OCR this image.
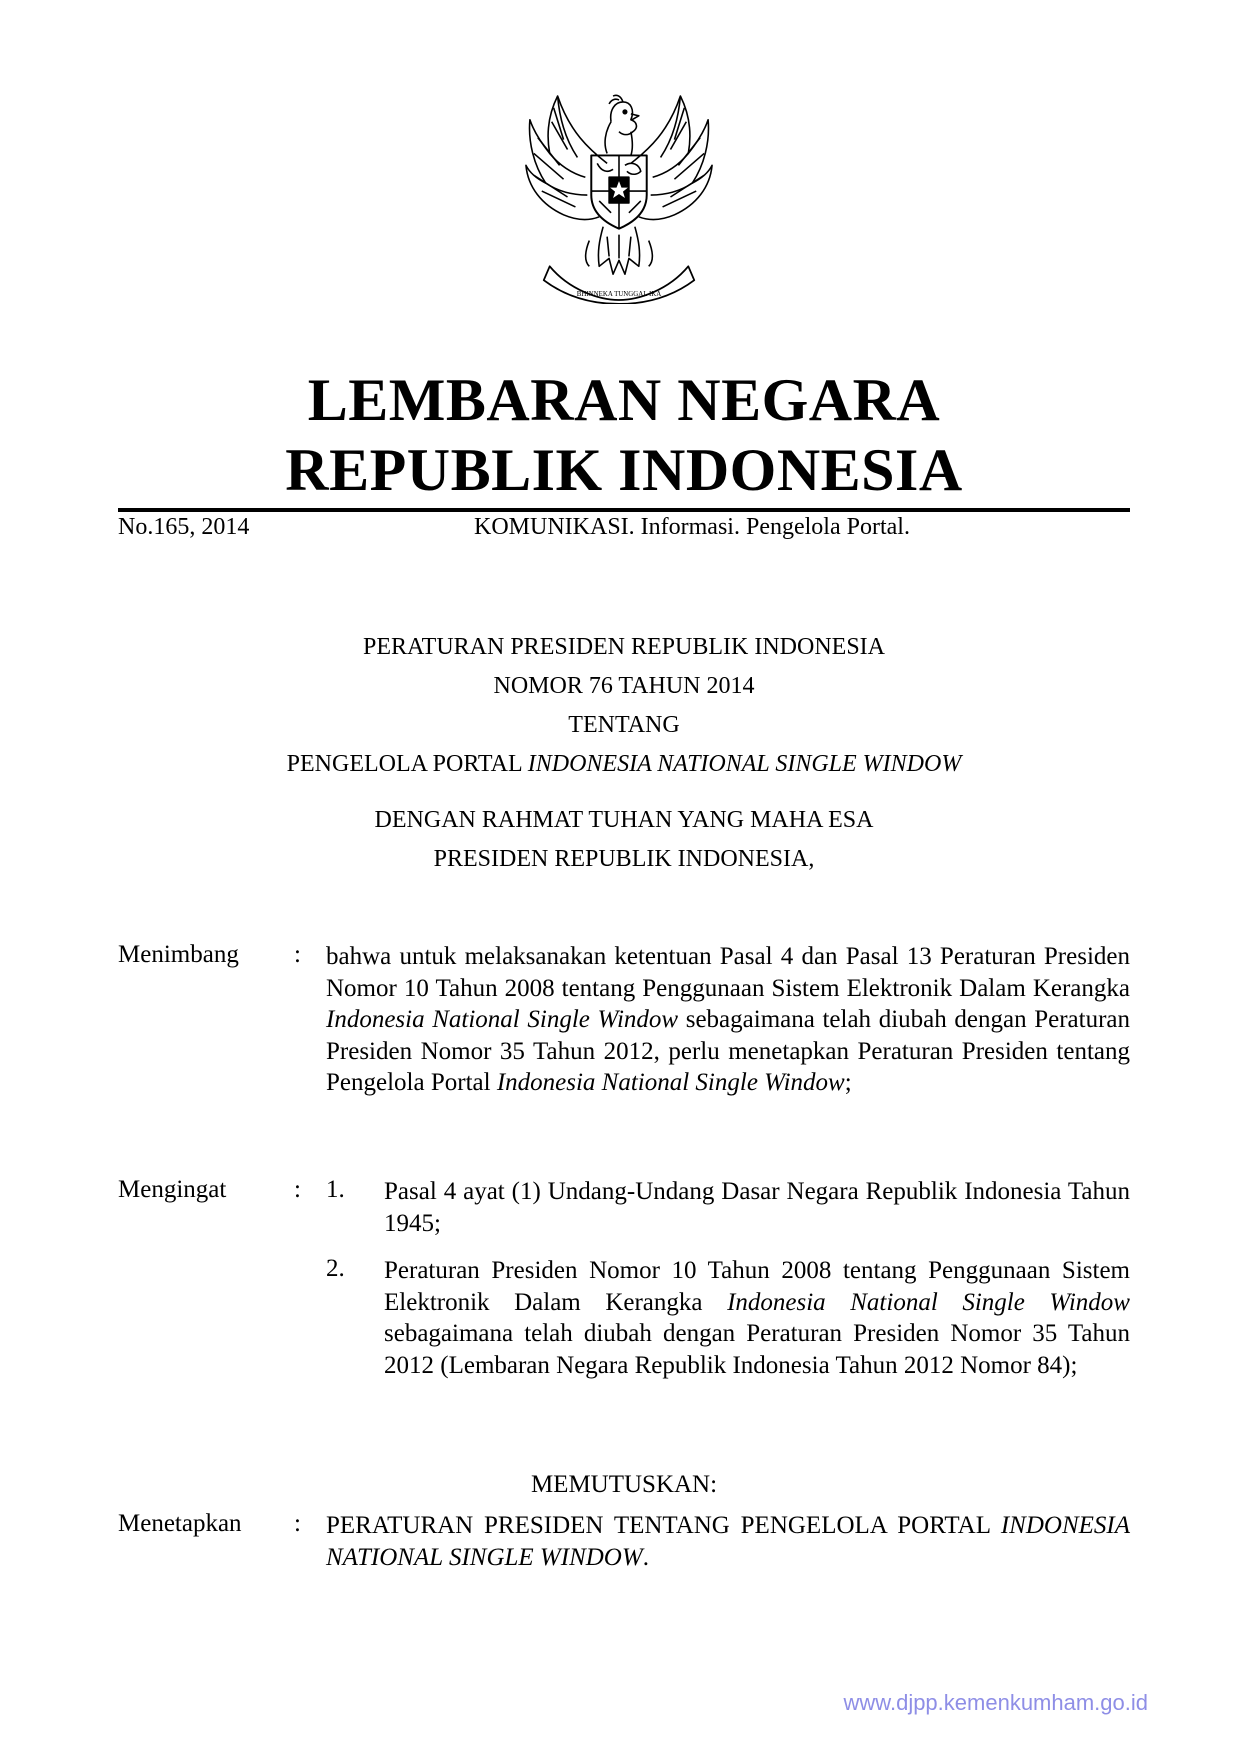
BHINNEKA TUNGGAL IKA
LEMBARAN NEGARA
REPUBLIK INDONESIA
No.165, 2014	KOMUNIKASI. Informasi. Pengelola Portal.
PERATURAN PRESIDEN REPUBLIK INDONESIA
NOMOR 76 TAHUN 2014
TENTANG
PENGELOLA PORTAL INDONESIA NATIONAL SINGLE WINDOW
DENGAN RAHMAT TUHAN YANG MAHA ESA
PRESIDEN REPUBLIK INDONESIA,
Menimbang : bahwa untuk melaksanakan ketentuan Pasal 4 dan Pasal 13 Peraturan Presiden Nomor 10 Tahun 2008 tentang Penggunaan Sistem Elektronik Dalam Kerangka Indonesia National Single Window sebagaimana telah diubah dengan Peraturan Presiden Nomor 35 Tahun 2012, perlu menetapkan Peraturan Presiden tentang Pengelola Portal Indonesia National Single Window;
Mengingat	: 1. Pasal 4 ayat (1) Undang-Undang Dasar Negara Republik Indonesia Tahun 1945;
2. Peraturan Presiden Nomor 10 Tahun 2008 tentang Penggunaan Sistem Elektronik Dalam Kerangka Indonesia National Single Window sebagaimana telah diubah dengan Peraturan Presiden Nomor 35 Tahun 2012 (Lembaran Negara Republik Indonesia Tahun 2012 Nomor 84);
MEMUTUSKAN:
Menetapkan : PERATURAN PRESIDEN TENTANG PENGELOLA PORTAL INDONESIA NATIONAL SINGLE WINDOW.
www.djpp.kemenkumham.go.id
